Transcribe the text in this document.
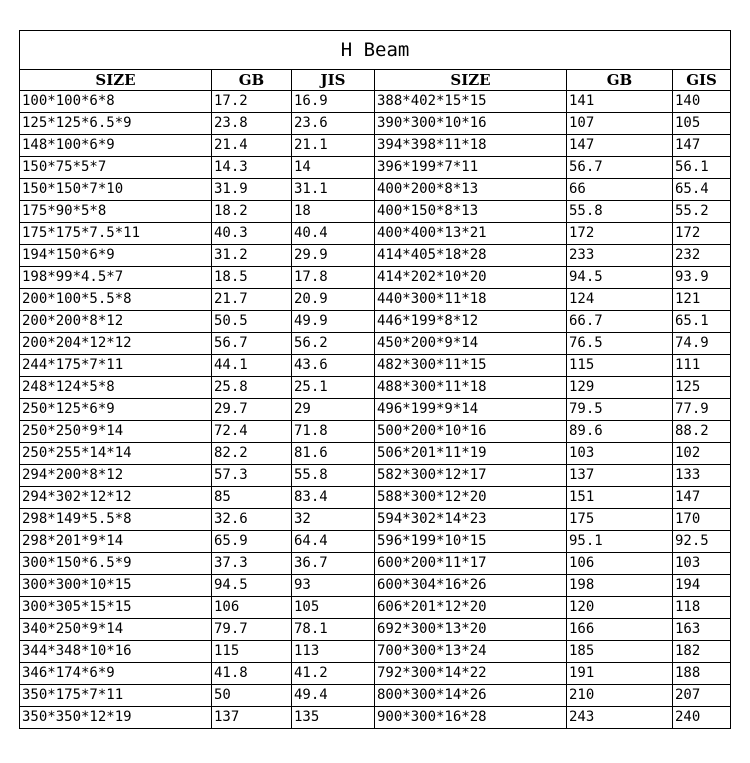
H Beam					
SIZE	GB	JIS	SIZE	GB	GIS
100*100*6*8	17.2	16.9	388*402*15*15	141	140
125*125*6.5*9	23.8	23.6	390*300*10*16	107	105
148*100*6*9	21.4	21.1	394*398*11*18	147	147
150*75*5*7	14.3	14	396*199*7*11	56.7	56.1
150*150*7*10	31.9	31.1	400*200*8*13	66	65.4
175*90*5*8	18.2	18	400*150*8*13	55.8	55.2
175*175*7.5*11	40.3	40.4	400*400*13*21	172	172
194*150*6*9	31.2	29.9	414*405*18*28	233	232
198*99*4.5*7	18.5	17.8	414*202*10*20	94.5	93.9
200*100*5.5*8	21.7	20.9	440*300*11*18	124	121
200*200*8*12	50.5	49.9	446*199*8*12	66.7	65.1
200*204*12*12	56.7	56.2	450*200*9*14	76.5	74.9
244*175*7*11	44.1	43.6	482*300*11*15	115	111
248*124*5*8	25.8	25.1	488*300*11*18	129	125
250*125*6*9	29.7	29	496*199*9*14	79.5	77.9
250*250*9*14	72.4	71.8	500*200*10*16	89.6	88.2
250*255*14*14	82.2	81.6	506*201*11*19	103	102
294*200*8*12	57.3	55.8	582*300*12*17	137	133
294*302*12*12	85	83.4	588*300*12*20	151	147
298*149*5.5*8	32.6	32	594*302*14*23	175	170
298*201*9*14	65.9	64.4	596*199*10*15	95.1	92.5
300*150*6.5*9	37.3	36.7	600*200*11*17	106	103
300*300*10*15	94.5	93	600*304*16*26	198	194
300*305*15*15	106	105	606*201*12*20	120	118
340*250*9*14	79.7	78.1	692*300*13*20	166	163
344*348*10*16	115	113	700*300*13*24	185	182
346*174*6*9	41.8	41.2	792*300*14*22	191	188
350*175*7*11	50	49.4	800*300*14*26	210	207
350*350*12*19	137	135	900*300*16*28	243	240
